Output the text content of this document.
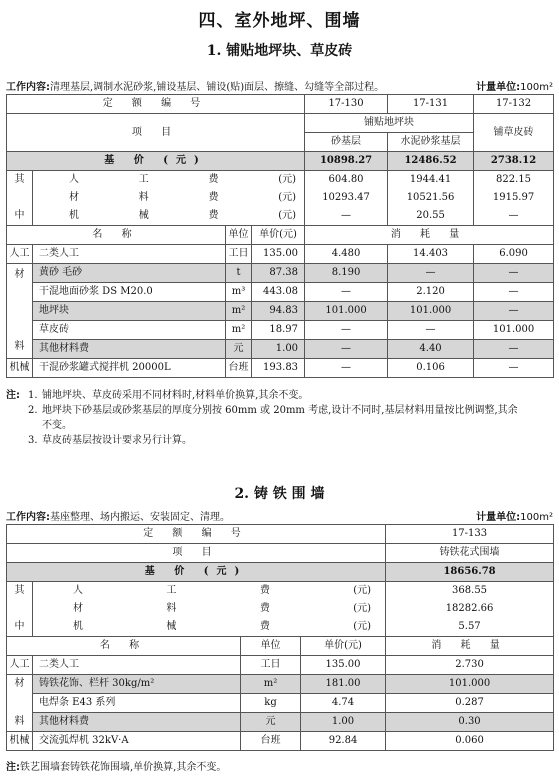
四、室外地坪、围墙
1. 铺贴地坪块、草皮砖
工作内容:清理基层,调制水泥砂浆,铺设基层、铺设(贴)面层、擦缝、勾缝等全部过程。	计量单位:100m²
定 额 编 号				17-130	17-131	17-132
项 目				铺贴地坪块		铺草皮砖
				砂基层	水泥砂浆基层	
基 价 (元)				10898.27	12486.52	2738.12
其	人 工 费 (元)			604.80	1944.41	822.15

	材 料 费 (元)			10293.47	10521.56	1915.97
中	机 械 费 (元)			—	20.55	—
名 称		单位	单价(元)	消 耗 量		
人工	二类人工	工日	135.00	4.480	14.403	6.090

材
料	黄砂 毛砂	t	87.38	8.190	—	—
	干混地面砂浆 DS M20.0	m³	443.08	—	2.120	—
	地坪块	m²	94.83	101.000	101.000	—
	草皮砖	m²	18.97	—	—	101.000
	其他材料费	元	1.00	—	4.40	—
机械	干混砂浆罐式搅拌机 20000L	台班	193.83	—	0.106	—
注: 1. 铺地坪块、草皮砖采用不同材料时,材料单价换算,其余不变。
2. 地坪块下砂基层或砂浆基层的厚度分别按 60mm 或 20mm 考虑,设计不同时,基层材料用量按比例调整,其余
不变。
3. 草皮砖基层按设计要求另行计算。
2. 铸 铁 围 墙
工作内容:基座整理、场内搬运、安装固定、清理。	计量单位:100m²
定 额 编 号				17-133
项 目				铸铁花式围墙
基 价 (元)				18656.78
其	人 工 费 (元)			368.55

	材 料 费 (元)			18282.66
中	机 械 费 (元)			5.57
名 称		单位	单价(元)	消 耗 量
人工	二类人工	工日	135.00	2.730

材
料	铸铁花饰、栏杆 30kg/m²	m²	181.00	101.000
	电焊条 E43 系列	kg	4.74	0.287
	其他材料费	元	1.00	0.30
机械	交流弧焊机 32kV·A	台班	92.84	0.060
注:铁艺围墙套铸铁花饰围墙,单价换算,其余不变。
